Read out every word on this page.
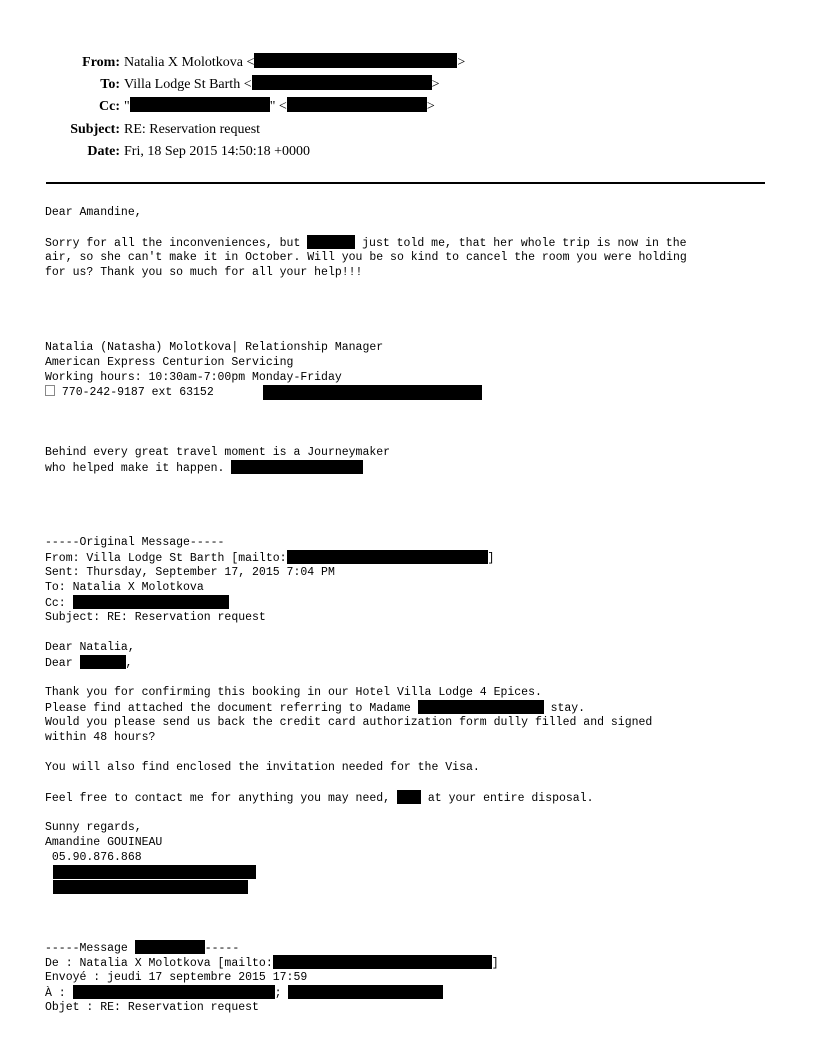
From: Natalia X Molotkova <	>
To: Villa Lodge St Barth <	>
Cc: "	" <	>
Subject: RE: Reservation request
Date: Fri, 18 Sep 2015 14:50:18 +0000
Dear Amandine,
Sorry for all the inconveniences, but	just told me, that her whole trip is now in the
air, so she can't make it in October. Will you be so kind to cancel the room you were holding
for us? Thank you so much for all your help!!!
Natalia (Natasha) Molotkova| Relationship Manager
American Express Centurion Servicing
Working hours: 10:30am-7:00pm Monday-Friday
770-242-9187 ext 63152
Behind every great travel moment is a Journeymaker
who helped make it happen.
-----Original Message-----
From: Villa Lodge St Barth [mailto:	]
Sent: Thursday, September 17, 2015 7:04 PM
To: Natalia X Molotkova
Cc:
Subject: RE: Reservation request
Dear Natalia,
Dear	,
Thank you for confirming this booking in our Hotel Villa Lodge 4 Epices.
Please find attached the document referring to Madame	stay.
Would you please send us back the credit card authorization form dully filled and signed
within 48 hours?
You will also find enclosed the invitation needed for the Visa.
Feel free to contact me for anything you may need,  at your entire disposal.
Sunny regards,
Amandine GOUINEAU
05.90.876.868
-----Message	-----
De : Natalia X Molotkova [mailto:	]
Envoyé : jeudi 17 septembre 2015 17:59
À :	;
Objet : RE: Reservation request
